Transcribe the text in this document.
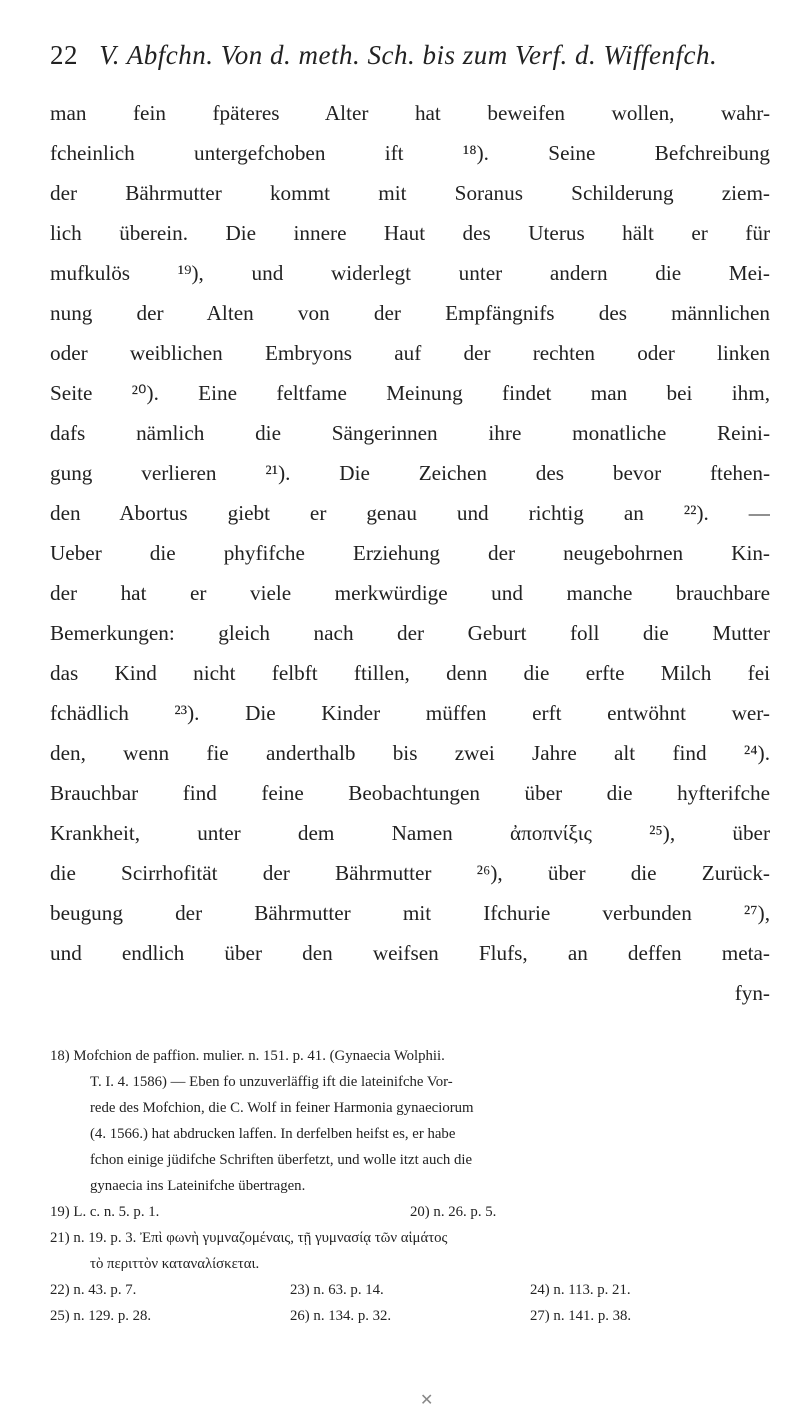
22 V. Abfchn. Von d. meth. Sch. bis zum Verf. d. Wiffenfch.

man fein fpäteres Alter hat beweifen wollen, wahr-

fcheinlich untergefchoben ift ¹⁸). Seine Befchreibung

der Bährmutter kommt mit Soranus Schilderung ziem-

lich überein. Die innere Haut des Uterus hält er für

mufkulös ¹⁹), und widerlegt unter andern die Mei-

nung der Alten von der Empfängnifs des männlichen

oder weiblichen Embryons auf der rechten oder linken

Seite ²⁰). Eine feltfame Meinung findet man bei ihm,

dafs nämlich die Sängerinnen ihre monatliche Reini-

gung verlieren ²¹). Die Zeichen des bevor ftehen-

den Abortus giebt er genau und richtig an ²²). —

Ueber die phyfifche Erziehung der neugebohrnen Kin-

der hat er viele merkwürdige und manche brauchbare

Bemerkungen: gleich nach der Geburt foll die Mutter

das Kind nicht felbft ftillen, denn die erfte Milch fei

fchädlich ²³). Die Kinder müffen erft entwöhnt wer-

den, wenn fie anderthalb bis zwei Jahre alt find ²⁴).

Brauchbar find feine Beobachtungen über die hyfterifche

Krankheit, unter dem Namen ἀποπνίξις ²⁵), über

die Scirrhofität der Bährmutter ²⁶), über die Zurück-

beugung der Bährmutter mit Ifchurie verbunden ²⁷),

und endlich über den weifsen Flufs, an deffen meta-

fyn-

18) Mofchion de paffion. mulier. n. 151. p. 41. (Gynaecia Wolphii.

T. I. 4. 1586) — Eben fo unzuverläffig ift die lateinifche Vor-

rede des Mofchion, die C. Wolf in feiner Harmonia gynaeciorum

(4. 1566.) hat abdrucken laffen. In derfelben heifst es, er habe

fchon einige jüdifche Schriften überfetzt, und wolle itzt auch die

gynaecia ins Lateinifche übertragen.

19) L. c. n. 5. p. 1.	20) n. 26. p. 5.

21) n. 19. p. 3. Ἐπὶ φωνὴ γυμναζομέναις, τῇ γυμνασίᾳ τῶν αἱμάτος

τὸ περιττὸν καταναλίσκεται.

22) n. 43. p. 7.	23) n. 63. p. 14.	24) n. 113. p. 21.

25) n. 129. p. 28.	26) n. 134. p. 32.	27) n. 141. p. 38.

✕
